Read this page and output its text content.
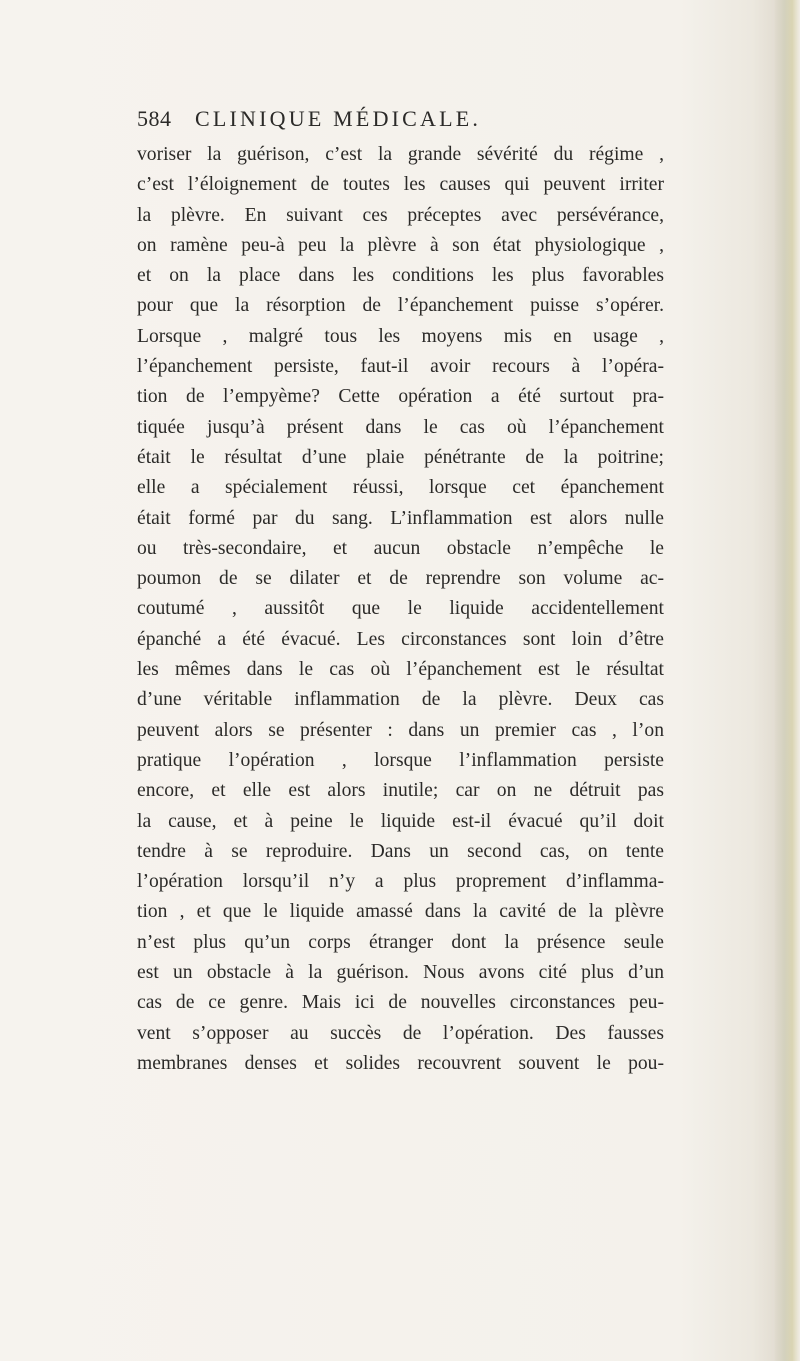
584 CLINIQUE MÉDICALE.
voriser la guérison, c’est la grande sévérité du régime ,
c’est l’éloignement de toutes les causes qui peuvent irriter
la plèvre. En suivant ces préceptes avec persévérance,
on ramène peu-à peu la plèvre à son état physiologique ,
et on la place dans les conditions les plus favorables
pour que la résorption de l’épanchement puisse s’opérer.
Lorsque , malgré tous les moyens mis en usage ,
l’épanchement persiste, faut-il avoir recours à l’opéra-
tion de l’empyème? Cette opération a été surtout pra-
tiquée jusqu’à présent dans le cas où l’épanchement
était le résultat d’une plaie pénétrante de la poitrine;
elle a spécialement réussi, lorsque cet épanchement
était formé par du sang. L’inflammation est alors nulle
ou très-secondaire, et aucun obstacle n’empêche le
poumon de se dilater et de reprendre son volume ac-
coutumé , aussitôt que le liquide accidentellement
épanché a été évacué. Les circonstances sont loin d’être
les mêmes dans le cas où l’épanchement est le résultat
d’une véritable inflammation de la plèvre. Deux cas
peuvent alors se présenter : dans un premier cas , l’on
pratique l’opération , lorsque l’inflammation persiste
encore, et elle est alors inutile; car on ne détruit pas
la cause, et à peine le liquide est-il évacué qu’il doit
tendre à se reproduire. Dans un second cas, on tente
l’opération lorsqu’il n’y a plus proprement d’inflamma-
tion , et que le liquide amassé dans la cavité de la plèvre
n’est plus qu’un corps étranger dont la présence seule
est un obstacle à la guérison. Nous avons cité plus d’un
cas de ce genre. Mais ici de nouvelles circonstances peu-
vent s’opposer au succès de l’opération. Des fausses
membranes denses et solides recouvrent souvent le pou-
